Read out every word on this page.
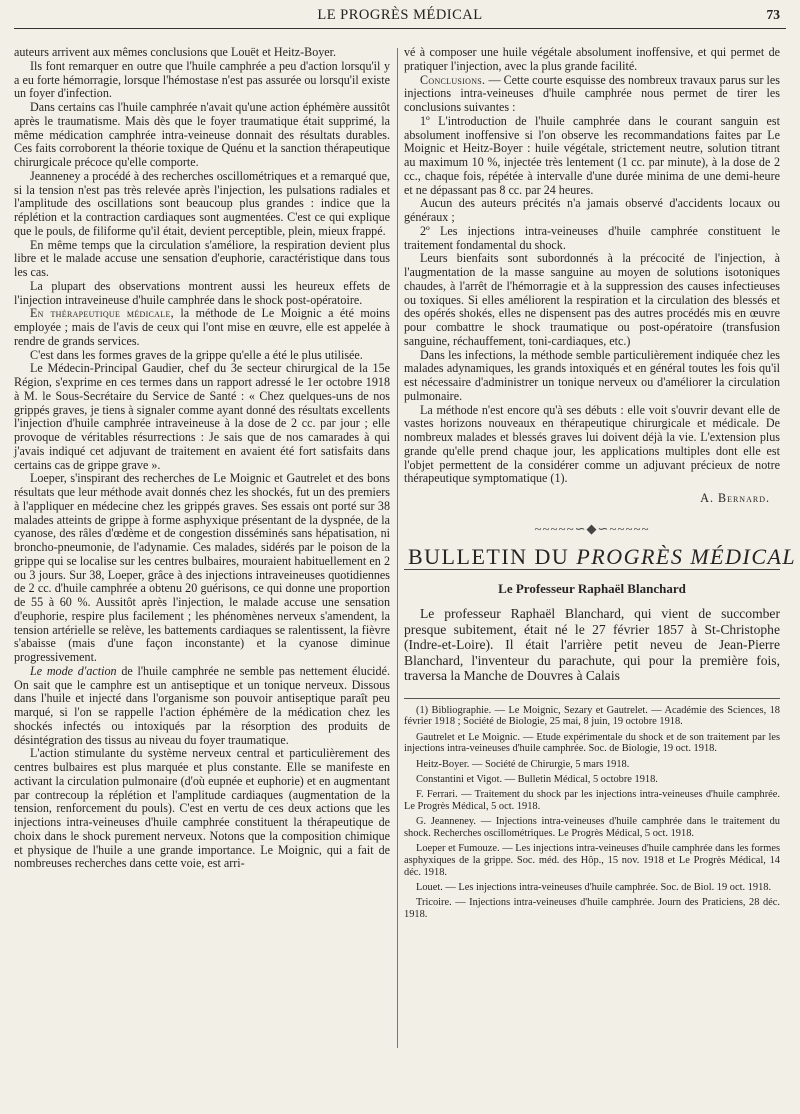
LE PROGRÈS MÉDICAL	73

auteurs arrivent aux mêmes conclusions que Louët et Heitz-Boyer.

Ils font remarquer en outre que l'huile camphrée a peu d'action lorsqu'il y a eu forte hémorragie, lorsque l'hémostase n'est pas assurée ou lorsqu'il existe un foyer d'infection.

Dans certains cas l'huile camphrée n'avait qu'une action éphémère aussitôt après le traumatisme. Mais dès que le foyer traumatique était supprimé, la même médication camphrée intra-veineuse donnait des résultats durables. Ces faits corroborent la théorie toxique de Quénu et la sanction thérapeutique chirurgicale précoce qu'elle comporte.

Jeanneney a procédé à des recherches oscillométriques et a remarqué que, si la tension n'est pas très relevée après l'injection, les pulsations radiales et l'amplitude des oscillations sont beaucoup plus grandes : indice que la réplétion et la contraction cardiaques sont augmentées. C'est ce qui explique que le pouls, de filiforme qu'il était, devient perceptible, plein, mieux frappé.

En même temps que la circulation s'améliore, la respiration devient plus libre et le malade accuse une sensation d'euphorie, caractéristique dans tous les cas.

La plupart des observations montrent aussi les heureux effets de l'injection intraveineuse d'huile camphrée dans le shock post-opératoire.

En thérapeutique médicale, la méthode de Le Moignic a été moins employée ; mais de l'avis de ceux qui l'ont mise en œuvre, elle est appelée à rendre de grands services.

C'est dans les formes graves de la grippe qu'elle a été le plus utilisée.

Le Médecin-Principal Gaudier, chef du 3e secteur chirurgical de la 15e Région, s'exprime en ces termes dans un rapport adressé le 1er octobre 1918 à M. le Sous-Secrétaire du Service de Santé : « Chez quelques-uns de nos grippés graves, je tiens à signaler comme ayant donné des résultats excellents l'injection d'huile camphrée intraveineuse à la dose de 2 cc. par jour ; elle provoque de véritables résurrections : Je sais que de nos camarades à qui j'avais indiqué cet adjuvant de traitement en avaient été fort satisfaits dans certains cas de grippe grave ».

Loeper, s'inspirant des recherches de Le Moignic et Gautrelet et des bons résultats que leur méthode avait donnés chez les shockés, fut un des premiers à l'appliquer en médecine chez les grippés graves. Ses essais ont porté sur 38 malades atteints de grippe à forme asphyxique présentant de la dyspnée, de la cyanose, des râles d'œdème et de congestion disséminés sans hépatisation, ni broncho-pneumonie, de l'adynamie. Ces malades, sidérés par le poison de la grippe qui se localise sur les centres bulbaires, mouraient habituellement en 2 ou 3 jours. Sur 38, Loeper, grâce à des injections intraveineuses quotidiennes de 2 cc. d'huile camphrée a obtenu 20 guérisons, ce qui donne une proportion de 55 à 60 %. Aussitôt après l'injection, le malade accuse une sensation d'euphorie, respire plus facilement ; les phénomènes nerveux s'amendent, la tension artérielle se relève, les battements cardiaques se ralentissent, la fièvre s'abaisse (mais d'une façon inconstante) et la cyanose diminue progressivement.

Le mode d'action de l'huile camphrée ne semble pas nettement élucidé. On sait que le camphre est un antiseptique et un tonique nerveux. Dissous dans l'huile et injecté dans l'organisme son pouvoir antiseptique paraît peu marqué, si l'on se rappelle l'action éphémère de la médication chez les shockés infectés ou intoxiqués par la résorption des produits de désintégration des tissus au niveau du foyer traumatique.

L'action stimulante du système nerveux central et particulièrement des centres bulbaires est plus marquée et plus constante. Elle se manifeste en activant la circulation pulmonaire (d'où eupnée et euphorie) et en augmentant par contrecoup la réplétion et l'amplitude cardiaques (augmentation de la tension, renforcement du pouls). C'est en vertu de ces deux actions que les injections intra-veineuses d'huile camphrée constituent la thérapeutique de choix dans le shock purement nerveux. Notons que la composition chimique et physique de l'huile a une grande importance. Le Moignic, qui a fait de nombreuses recherches dans cette voie, est arri-

vé à composer une huile végétale absolument inoffensive, et qui permet de pratiquer l'injection, avec la plus grande facilité.

Conclusions. — Cette courte esquisse des nombreux travaux parus sur les injections intra-veineuses d'huile camphrée nous permet de tirer les conclusions suivantes :

1º L'introduction de l'huile camphrée dans le courant sanguin est absolument inoffensive si l'on observe les recommandations faites par Le Moignic et Heitz-Boyer : huile végétale, strictement neutre, solution titrant au maximum 10 %, injectée très lentement (1 cc. par minute), à la dose de 2 cc., chaque fois, répétée à intervalle d'une durée minima de une demi-heure et ne dépassant pas 8 cc. par 24 heures.

Aucun des auteurs précités n'a jamais observé d'accidents locaux ou généraux ;

2º Les injections intra-veineuses d'huile camphrée constituent le traitement fondamental du shock.

Leurs bienfaits sont subordonnés à la précocité de l'injection, à l'augmentation de la masse sanguine au moyen de solutions isotoniques chaudes, à l'arrêt de l'hémorragie et à la suppression des causes infectieuses ou toxiques. Si elles améliorent la respiration et la circulation des blessés et des opérés shokés, elles ne dispensent pas des autres procédés mis en œuvre pour combattre le shock traumatique ou post-opératoire (transfusion sanguine, réchauffement, toni-cardiaques, etc.)

Dans les infections, la méthode semble particulièrement indiquée chez les malades adynamiques, les grands intoxiqués et en général toutes les fois qu'il est nécessaire d'administrer un tonique nerveux ou d'améliorer la circulation pulmonaire.

La méthode n'est encore qu'à ses débuts : elle voit s'ouvrir devant elle de vastes horizons nouveaux en thérapeutique chirurgicale et médicale. De nombreux malades et blessés graves lui doivent déjà la vie. L'extension plus grande qu'elle prend chaque jour, les applications multiples dont elle est l'objet permettent de la considérer comme un adjuvant précieux de notre thérapeutique symptomatique (1).

A. Bernard.
~~~~~∽◆∽~~~~~
BULLETIN DU PROGRÈS MÉDICAL
Le Professeur Raphaël Blanchard

Le professeur Raphaël Blanchard, qui vient de succomber presque subitement, était né le 27 février 1857 à St-Christophe (Indre-et-Loire). Il était l'arrière petit neveu de Jean-Pierre Blanchard, l'inventeur du parachute, qui pour la première fois, traversa la Manche de Douvres à Calais

(1) Bibliographie. — Le Moignic, Sezary et Gautrelet. — Académie des Sciences, 18 février 1918 ; Société de Biologie, 25 mai, 8 juin, 19 octobre 1918.

Gautrelet et Le Moignic. — Etude expérimentale du shock et de son traitement par les injections intra-veineuses d'huile camphrée. Soc. de Biologie, 19 oct. 1918.

Heitz-Boyer. — Société de Chirurgie, 5 mars 1918.

Constantini et Vigot. — Bulletin Médical, 5 octobre 1918.

F. Ferrari. — Traitement du shock par les injections intra-veineuses d'huile camphrée. Le Progrès Médical, 5 oct. 1918.

G. Jeanneney. — Injections intra-veineuses d'huile camphrée dans le traitement du shock. Recherches oscillométriques. Le Progrès Médical, 5 oct. 1918.

Loeper et Fumouze. — Les injections intra-veineuses d'huile camphrée dans les formes asphyxiques de la grippe. Soc. méd. des Hôp., 15 nov. 1918 et Le Progrès Médical, 14 déc. 1918.

Louet. — Les injections intra-veineuses d'huile camphrée. Soc. de Biol. 19 oct. 1918.

Tricoire. — Injections intra-veineuses d'huile camphrée. Journ des Praticiens, 28 déc. 1918.
